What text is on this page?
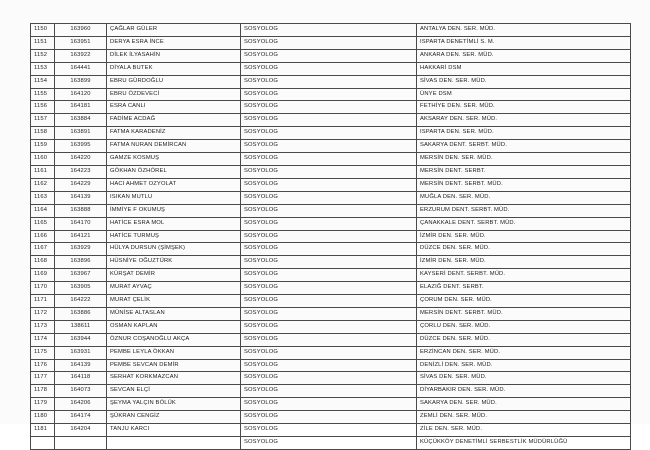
1150	163960	ÇAĞLAR GÜLER	SOSYOLOG	ANTALYA DEN. SER. MÜD.
1151	163951	DERYA ESRA İNCE	SOSYOLOG	ISPARTA DENETİMLİ S. M.
1152	163922	DİLEK İLYASAHİN	SOSYOLOG	ANKARA DEN. SER. MÜD.
1153	164441	DİYALA BUTEK	SOSYOLOG	HAKKARİ DSM
1154	163899	EBRU GÜRDOĞLU	SOSYOLOG	SİVAS DEN. SER. MÜD.
1155	164120	EBRU ÖZDEVECİ	SOSYOLOG	ÜNYE DSM
1156	164181	ESRA CANLI	SOSYOLOG	FETHİYE DEN. SER. MÜD.
1157	163884	FADİME ACDAĞ	SOSYOLOG	AKSARAY DEN. SER. MÜD.
1158	163891	FATMA KARADENİZ	SOSYOLOG	ISPARTA DEN. SER. MÜD.
1159	163995	FATMA NURAN DEMİRCAN	SOSYOLOG	SAKARYA DENT. SERBT. MÜD.
1160	164220	GAMZE KOSMUŞ	SOSYOLOG	MERSİN DEN. SER. MÜD.
1161	164223	GÖKHAN ÖZHÖREL	SOSYOLOG	MERSİN DENT. SERBT.
1162	164229	HACI AHMET OZYOLAT	SOSYOLOG	MERSİN DENT. SERBT. MÜD.
1163	164139	ISIKAN MUTLU	SOSYOLOG	MUĞLA DEN. SER. MÜD.
1164	163888	İMMİYE F OKUMUŞ	SOSYOLOG	ERZURUM DENT. SERBT. MÜD.
1165	164170	HATİCE ESRA MOL	SOSYOLOG	ÇANAKKALE DENT. SERBT. MÜD.
1166	164121	HATİCE TURMUŞ	SOSYOLOG	İZMİR DEN. SER. MÜD.
1167	163929	HÜLYA DURSUN (ŞİMŞEK)	SOSYOLOG	DÜZCE DEN. SER. MÜD.
1168	163896	HÜSNİYE OĞUZTÜRK	SOSYOLOG	İZMİR DEN. SER. MÜD.
1169	163967	KÜRŞAT DEMİR	SOSYOLOG	KAYSERİ DENT. SERBT. MÜD.
1170	163905	MURAT AYVAÇ	SOSYOLOG	ELAZIĞ DENT. SERBT.
1171	164222	MURAT ÇELİK	SOSYOLOG	ÇORUM DEN. SER. MÜD.
1172	163886	MÜNİSE ALTASLAN	SOSYOLOG	MERSİN DENT. SERBT. MÜD.
1173	138611	OSMAN KAPLAN	SOSYOLOG	ÇORLU DEN. SER. MÜD.
1174	163944	ÖZNUR COŞANOĞLU AKÇA	SOSYOLOG	DÜZCE DEN. SER. MÜD.
1175	163931	PEMBE LEYLA ÖKKAN	SOSYOLOG	ERZİNCAN DEN. SER. MÜD.
1176	164139	PEMBE SEVCAN DEMİR	SOSYOLOG	DENİZLİ DEN. SER. MÜD.
1177	164118	SERHAT KORKMAZCAN	SOSYOLOG	SİVAS DEN. SER. MÜD.
1178	164073	SEVCAN ELÇİ	SOSYOLOG	DİYARBAKIR DEN. SER. MÜD.
1179	164206	ŞEYMA YALÇIN BÖLÜK	SOSYOLOG	SAKARYA DEN. SER. MÜD.
1180	164174	ŞÜKRAN CENGİZ	SOSYOLOG	ZEMLİ DEN. SER. MÜD.
1181	164204	TANJU KARCI	SOSYOLOG	ZİLE DEN. SER. MÜD.
			SOSYOLOG	KÜÇÜKKÖY DENETİMLİ SERBESTLİK MÜDÜRLÜĞÜ
